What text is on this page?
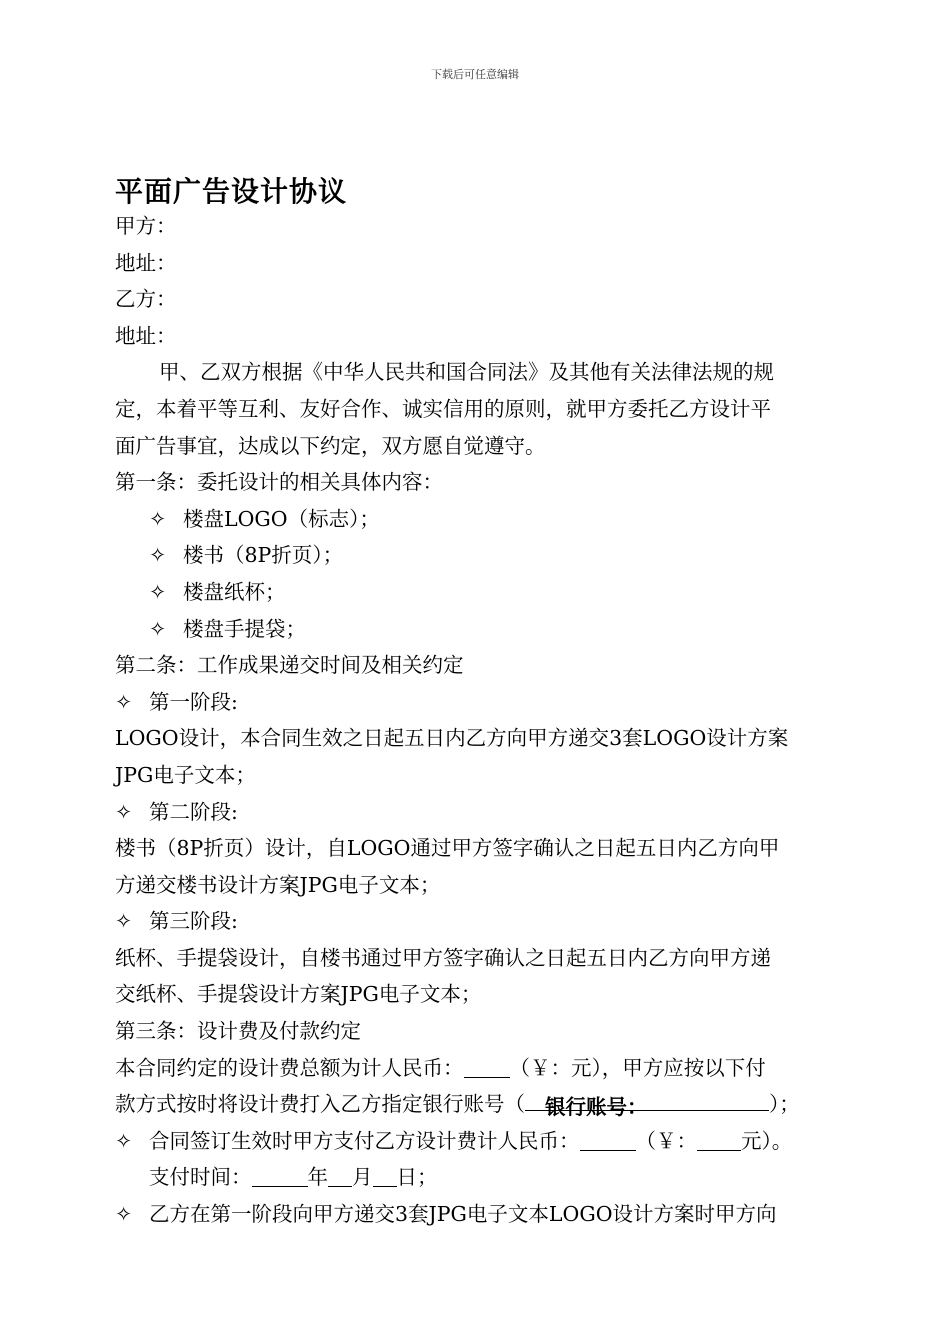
下载后可任意编辑
平面广告设计协议
甲方：
地址：
乙方：
地址：
甲、乙双方根据《中华人民共和国合同法》及其他有关法律法规的规
定，本着平等互利、友好合作、诚实信用的原则，就甲方委托乙方设计平
面广告事宜，达成以下约定，双方愿自觉遵守。
第一条：委托设计的相关具体内容：
✧ 楼盘LOGO（标志）；
✧ 楼书（8P折页）；
✧ 楼盘纸杯；
✧ 楼盘手提袋；
第二条：工作成果递交时间及相关约定
✧ 第一阶段:
LOGO设计，本合同生效之日起五日内乙方向甲方递交3套LOGO设计方案
JPG电子文本；
✧ 第二阶段:
楼书（8P折页）设计，自LOGO通过甲方签字确认之日起五日内乙方向甲
方递交楼书设计方案JPG电子文本；
✧ 第三阶段:
纸杯、手提袋设计，自楼书通过甲方签字确认之日起五日内乙方向甲方递
交纸杯、手提袋设计方案JPG电子文本；
第三条：设计费及付款约定
本合同约定的设计费总额为计人民币： （￥：元），甲方应按以下付
款方式按时将设计费打入乙方指定银行账号（ 银行账号：	）；
✧ 合同签订生效时甲方支付乙方设计费计人民币：	（￥： 元）。
支付时间：	年 月 日；
✧ 乙方在第一阶段向甲方递交3套JPG电子文本LOGO设计方案时甲方向
